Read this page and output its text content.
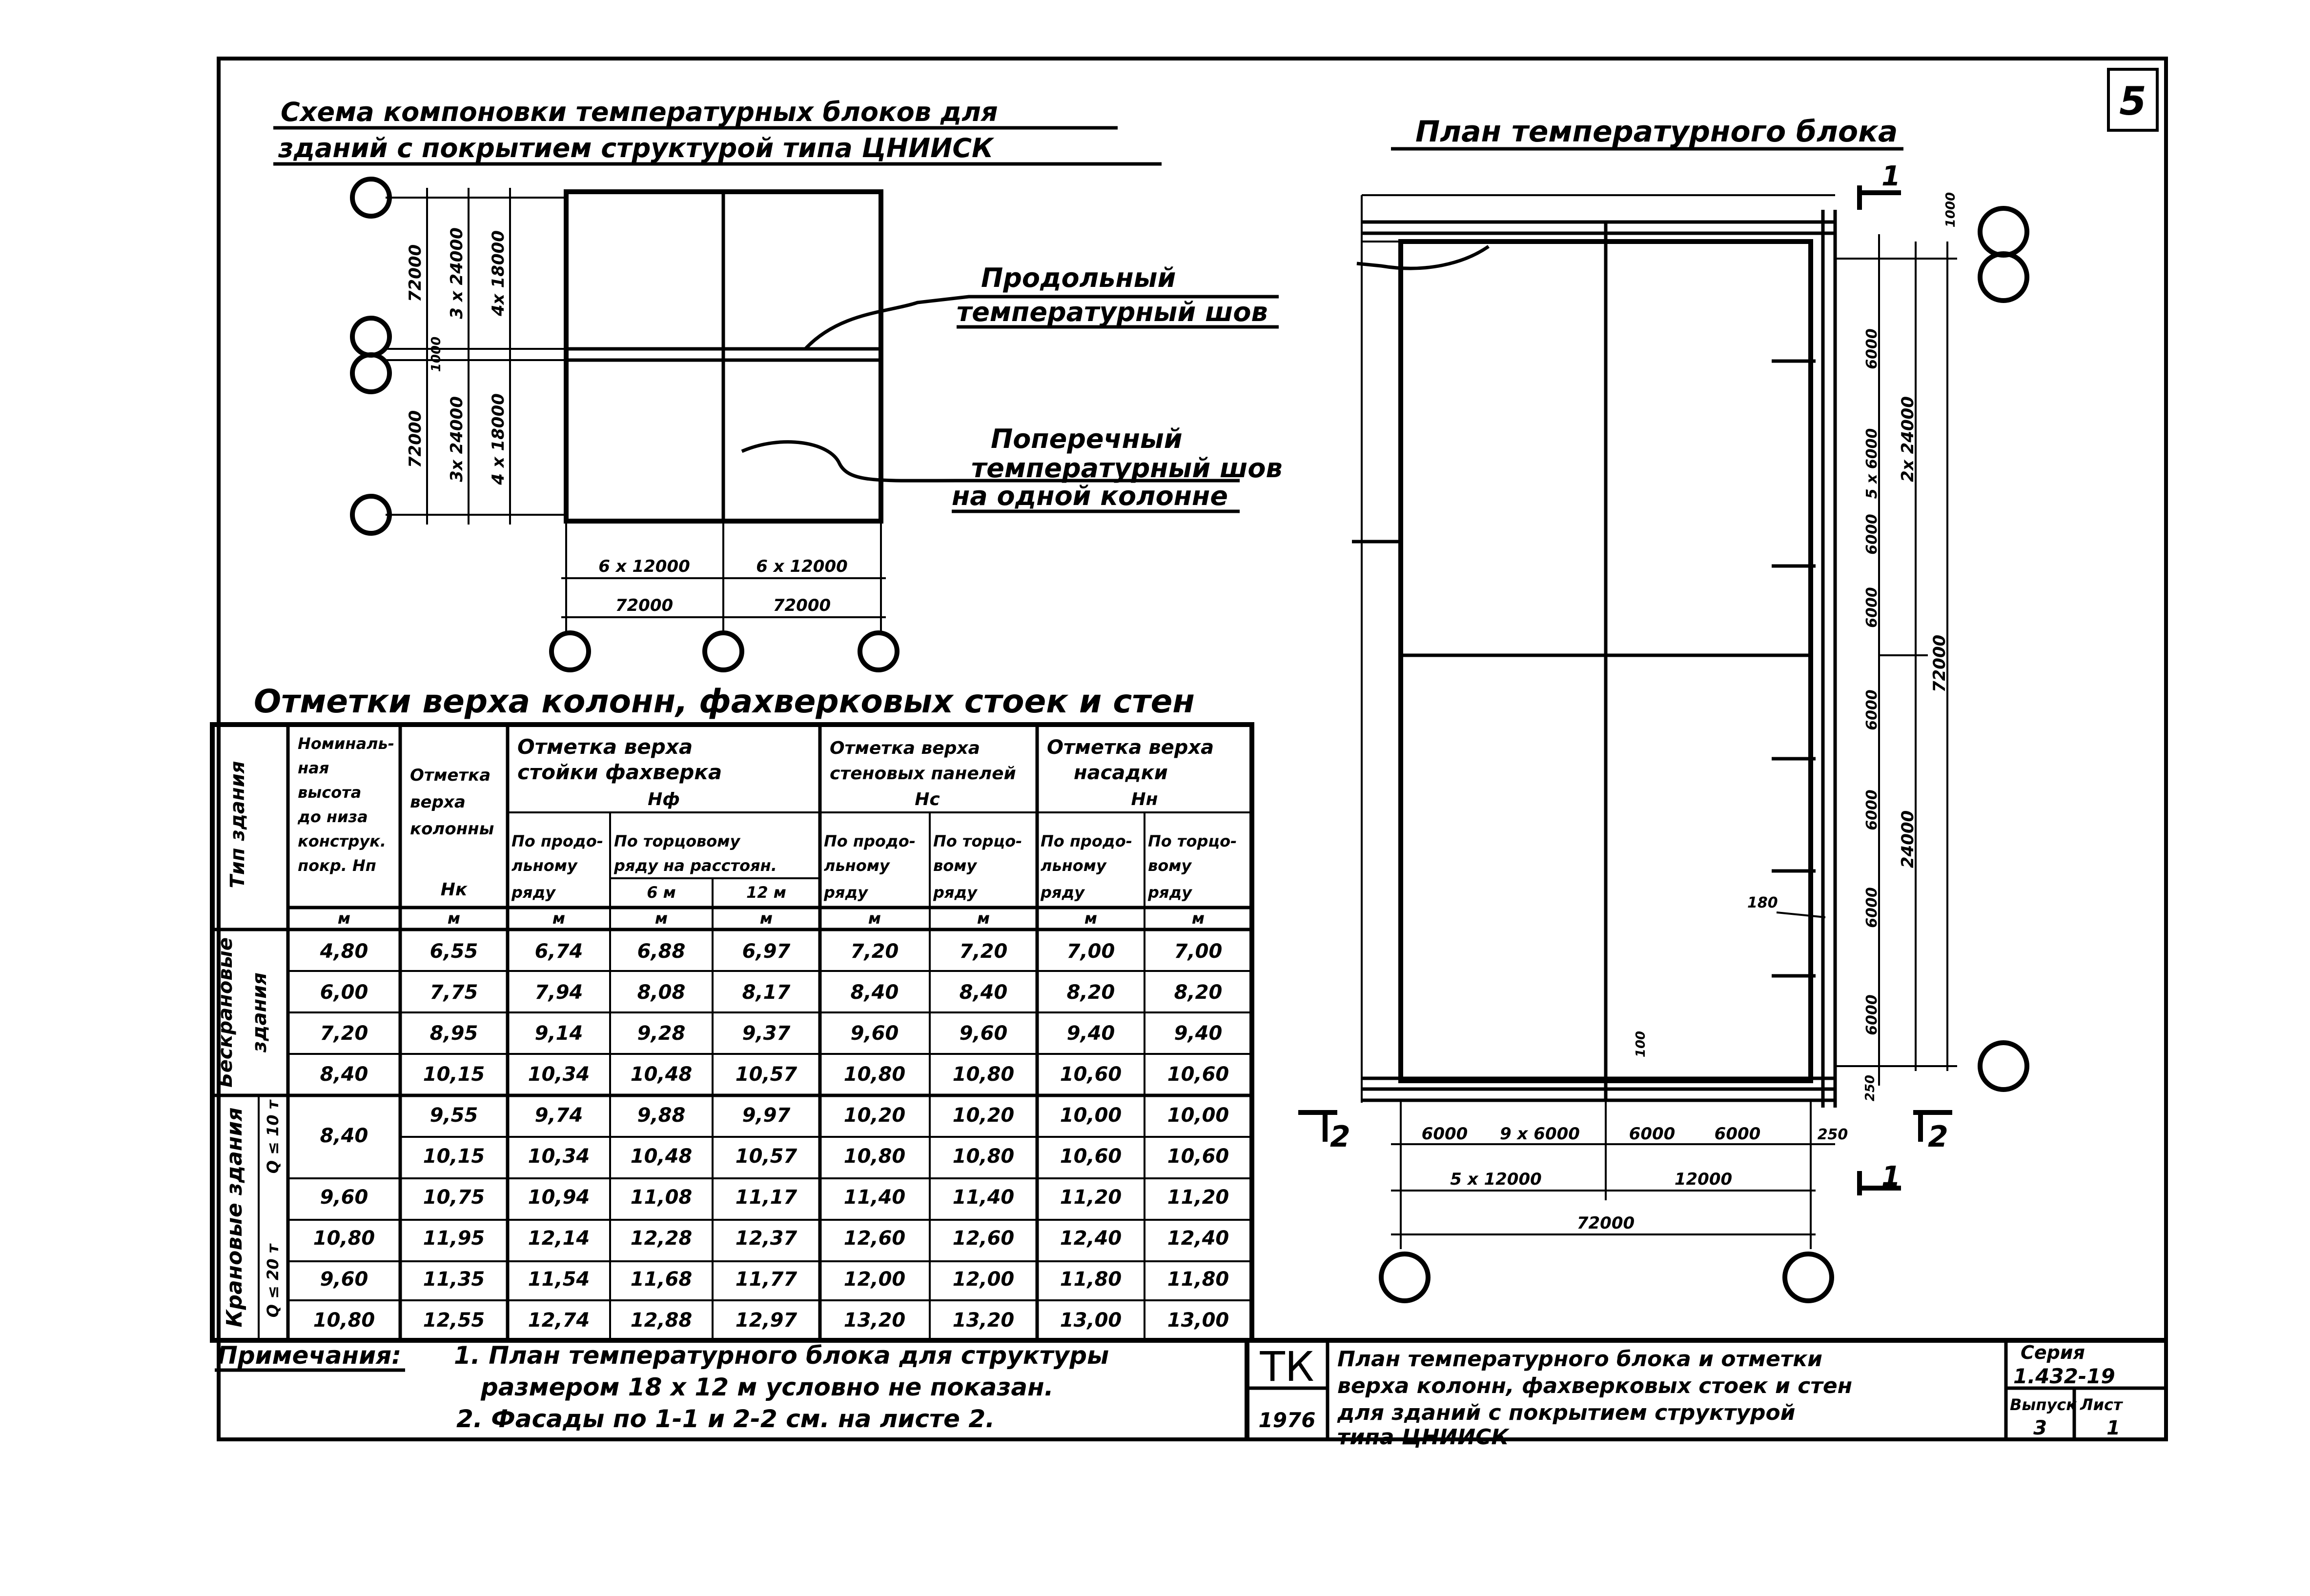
5
Схема компоновки температурных блоков для
зданий с покрытием структурой типа ЦНИИСК
72000
72000
1000
3 x 24000
3x 24000
4x 18000
4 x 18000
6 x 12000	6 x 12000
72000	72000
Продольный
температурный шов
Поперечный
температурный шов
на одной колонне
План температурного блока
1
1
2	2
1000
6000
5 x 6000
6000
6000
6000
6000
6000
6000
2x 24000
24000
72000
180
100
250
6000 9 x 6000	6000 6000	250
5 x 12000	12000
72000
Отметки верха колонн, фахверковых стоек и стен
Тип здания
Номиналь-
ная
высота
до низа
конструк.
покр. Нп
Отметка
верха
колонны
Нк
Отметка верха
стойки фахверка
Нф
Отметка верха
стеновых панелей
Нс
Отметка верха
насадки
Нн
По продо-
льному
ряду
По торцовому
ряду на расстоян.
6 м	12 м
По продо-
льному
ряду
По торцо-
вому
ряду
По продо-
льному
ряду
По торцо-
вому
ряду
м	м	м	м	м	м	м	м	м
Бескрановые здания
Крановые здания Q ≤ 10 т
Q ≤ 20 т
4,80	6,55	6,74	6,88	6,97	7,20	7,20	7,00	7,00
6,00	7,75	7,94	8,08	8,17	8,40	8,40	8,20	8,20
7,20	8,95	9,14	9,28	9,37	9,60	9,60	9,40	9,40
8,40	10,15 10,34 10,48 10,57 10,80 10,80 10,60 10,60
8,40
9,55	9,74	9,88	9,97	10,20 10,20 10,00 10,00
10,15 10,34 10,48 10,57 10,80 10,80 10,60 10,60
9,60	10,75 10,94 11,08 11,17 11,40 11,40 11,20 11,20
10,80 11,95 12,14 12,28 12,37 12,60 12,60 12,40 12,40
9,60	11,35 11,54 11,68 11,77 12,00 12,00 11,80 11,80
10,80 12,55 12,74 12,88 12,97 13,20 13,20 13,00 13,00
Примечания: 1. План температурного блока для структуры
размером 18 x 12 м условно не показан.
2. Фасады по 1-1 и 2-2 см. на листе 2.
ТК
1976
План температурного блока и отметки
верха колонн, фахверковых стоек и стен
для зданий с покрытием структурой
типа ЦНИИСК
Серия
1.432-19
Выпуск
3
Лист
1
